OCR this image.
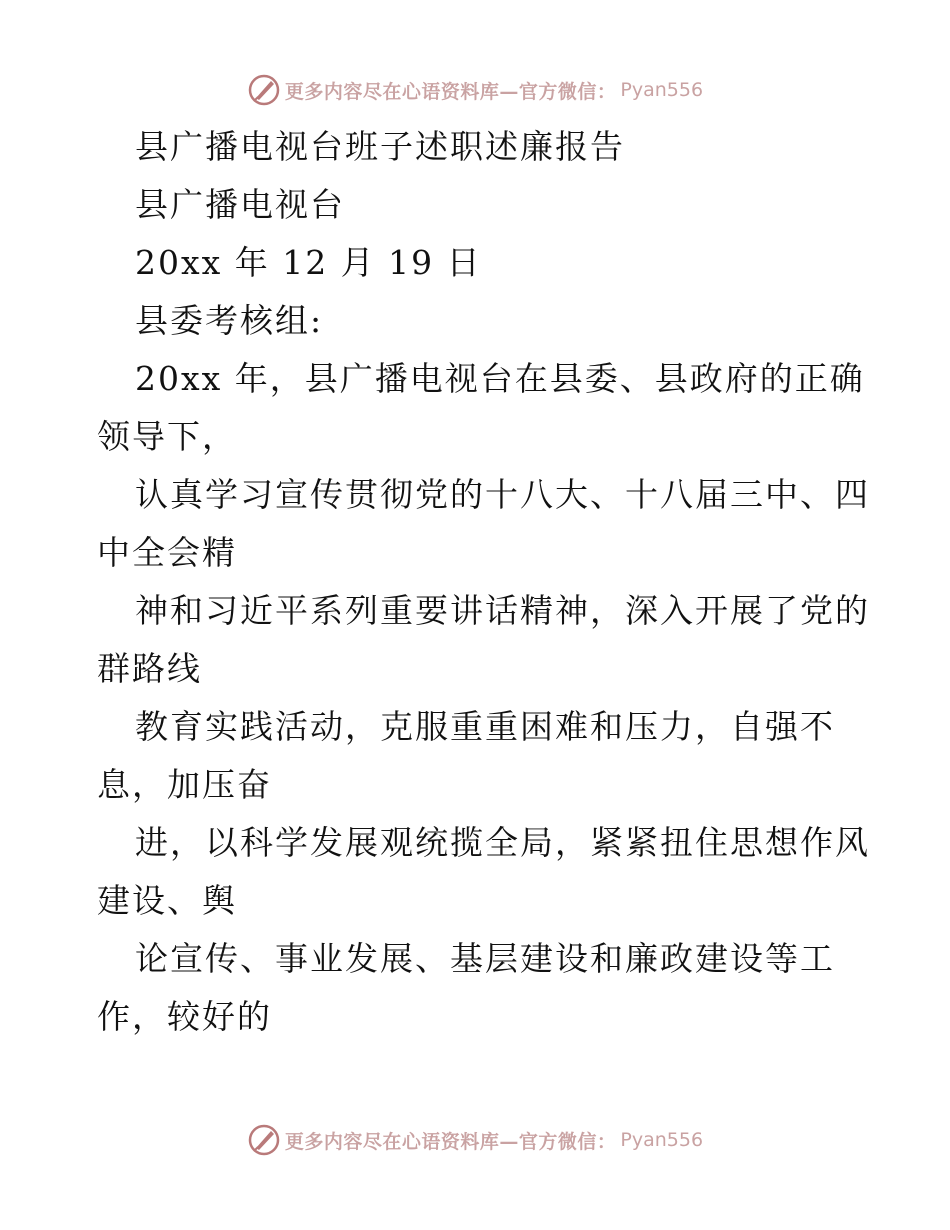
更多内容尽在心语资料库—官方微信： Pyan556
县广播电视台班子述职述廉报告
县广播电视台
20xx 年 12 月 19 日
县委考核组:
20xx 年，县广播电视台在县委、县政府的正确
领导下，
认真学习宣传贯彻党的十八大、十八届三中、四
中全会精
神和习近平系列重要讲话精神，深入开展了党的
群路线
教育实践活动，克服重重困难和压力，自强不
息，加压奋
进，以科学发展观统揽全局，紧紧扭住思想作风
建设、舆
论宣传、事业发展、基层建设和廉政建设等工
作，较好的
更多内容尽在心语资料库—官方微信： Pyan556
